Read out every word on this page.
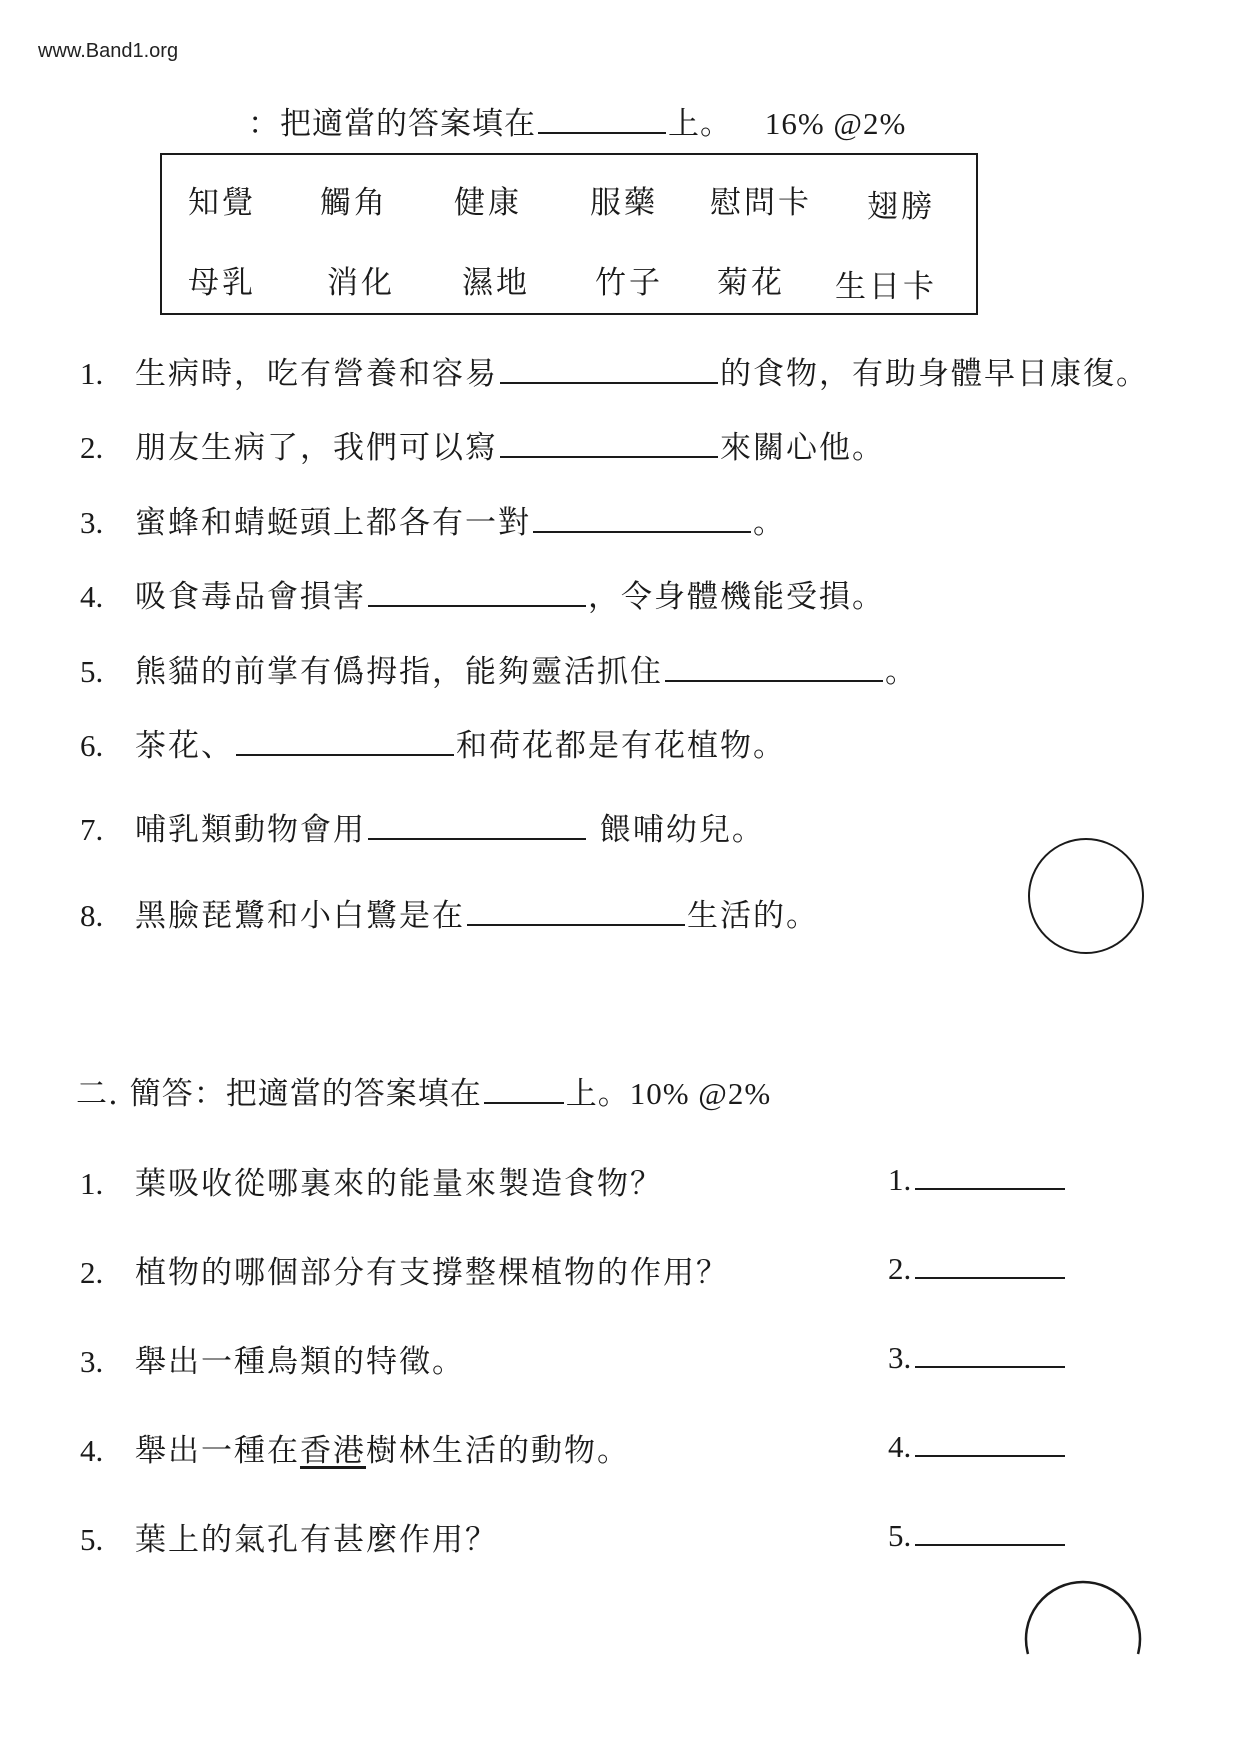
www.Band1.org
：把適當的答案填在	上。 16% @2%
知覺 觸角 健康 服藥 慰問卡 翅膀
母乳 消化 濕地 竹子 菊花 生日卡
1. 生病時，吃有營養和容易	的食物，有助身體早日康復。
2. 朋友生病了，我們可以寫	來關心他。
3. 蜜蜂和蜻蜓頭上都各有一對	。
4. 吸食毒品會損害	，令身體機能受損。
5. 熊貓的前掌有僞拇指，能夠靈活抓住	。
6. 茶花、	和荷花都是有花植物。
7. 哺乳類動物會用	餵哺幼兒。
8. 黑臉琵鷺和小白鷺是在	生活的。
二. 簡答：把適當的答案填在	上。10% @2%
1. 葉吸收從哪裏來的能量來製造食物？	1.
2. 植物的哪個部分有支撐整棵植物的作用？	2.
3. 舉出一種鳥類的特徵。	3.
4. 舉出一種在香港樹林生活的動物。	4.
5. 葉上的氣孔有甚麼作用？	5.
